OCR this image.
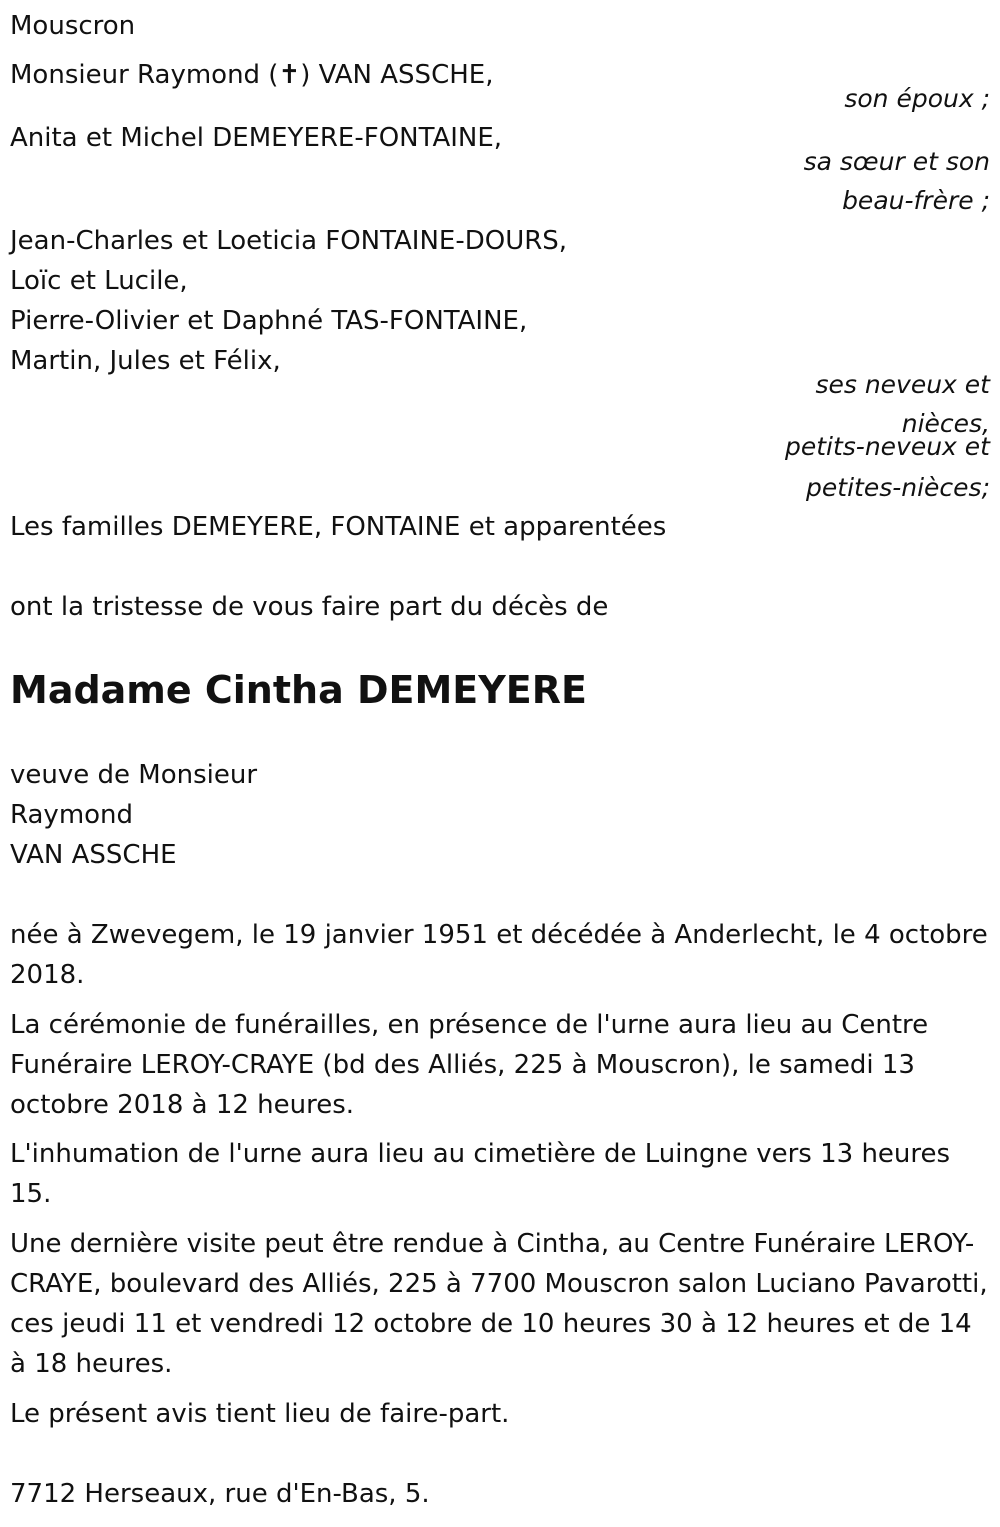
Mouscron
Monsieur Raymond (✝) VAN ASSCHE,
son époux ;
Anita et Michel DEMEYERE-FONTAINE,
sa sœur et son
beau-frère ;
Jean-Charles et Loeticia FONTAINE-DOURS,
Loïc et Lucile,
Pierre-Olivier et Daphné TAS-FONTAINE,
Martin, Jules et Félix,
ses neveux et
nièces,
petits-neveux et
petites-nièces;
Les familles DEMEYERE, FONTAINE et apparentées
ont la tristesse de vous faire part du décès de
Madame Cintha DEMEYERE
veuve de Monsieur
Raymond
VAN ASSCHE
née à Zwevegem, le 19 janvier 1951 et décédée à Anderlecht, le 4 octobre 2018.
La cérémonie de funérailles, en présence de l'urne aura lieu au Centre Funéraire LEROY-CRAYE (bd des Alliés, 225 à Mouscron), le samedi 13 octobre 2018 à 12 heures.
L'inhumation de l'urne aura lieu au cimetière de Luingne vers 13 heures 15.
Une dernière visite peut être rendue à Cintha, au Centre Funéraire LEROY-CRAYE, boulevard des Alliés, 225 à 7700 Mouscron salon Luciano Pavarotti, ces jeudi 11 et vendredi 12 octobre de 10 heures 30 à 12 heures et de 14 à 18 heures.
Le présent avis tient lieu de faire-part.
7712 Herseaux, rue d'En-Bas, 5.
